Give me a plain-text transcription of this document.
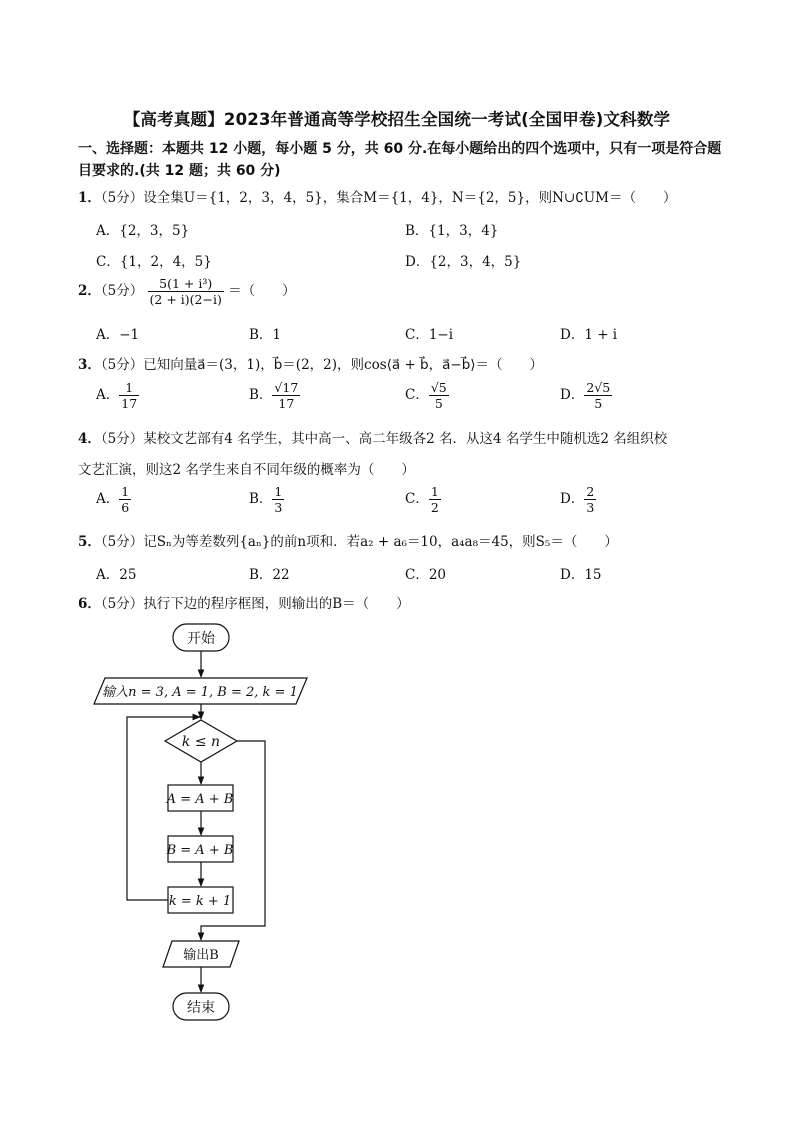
【高考真题】2023年普通高等学校招生全国统一考试(全国甲卷)文科数学
一、选择题：本题共 12 小题，每小题 5 分，共 60 分.在每小题给出的四个选项中，只有一项是符合题目要求的.(共 12 题；共 60 分)
1．（5分）设全集U＝{1，2，3，4，5}，集合M＝{1，4}，N＝{2，5}，则N∪∁UM＝（　　）
A．{2，3，5}	B．{1，3，4}
C．{1，2，4，5}	D．{2，3，4，5}
2．（5分） $\frac{\text{5(1 + i³)}}{(2 + i)(2-i)}$ ＝（　　）
A．−1	B．1	C．1−i	D．1 + i
3．（5分）已知向量a⃗＝(3，1)，b⃗＝(2，2)，则cos⟨a⃗ + b⃗，a⃗−b⃗⟩＝（　　）
A． $\frac{1}{17}$	B． $\frac{√17}{17}$	C． $\frac{√5}{5}$	D． $\frac{2√5}{5}$
4．（5分）某校文艺部有4 名学生，其中高一、高二年级各2 名．从这4 名学生中随机选2 名组织校
文艺汇演，则这2 名学生来自不同年级的概率为（　　）
A． $\frac{1}{6}$	B． $\frac{1}{3}$	C． $\frac{1}{2}$	D． $\frac{2}{3}$
5．（5分）记Sₙ为等差数列{aₙ}的前n项和．若a₂ + a₆＝10，a₄a₈＝45，则S₅＝（　　）
A．25	B．22	C．20	D．15
6．（5分）执行下边的程序框图，则输出的B＝（　　）
开始
输入n = 3, A = 1, B = 2, k = 1
k ≤ n
A = A + B
B = A + B
k = k + 1
输出B
结束
